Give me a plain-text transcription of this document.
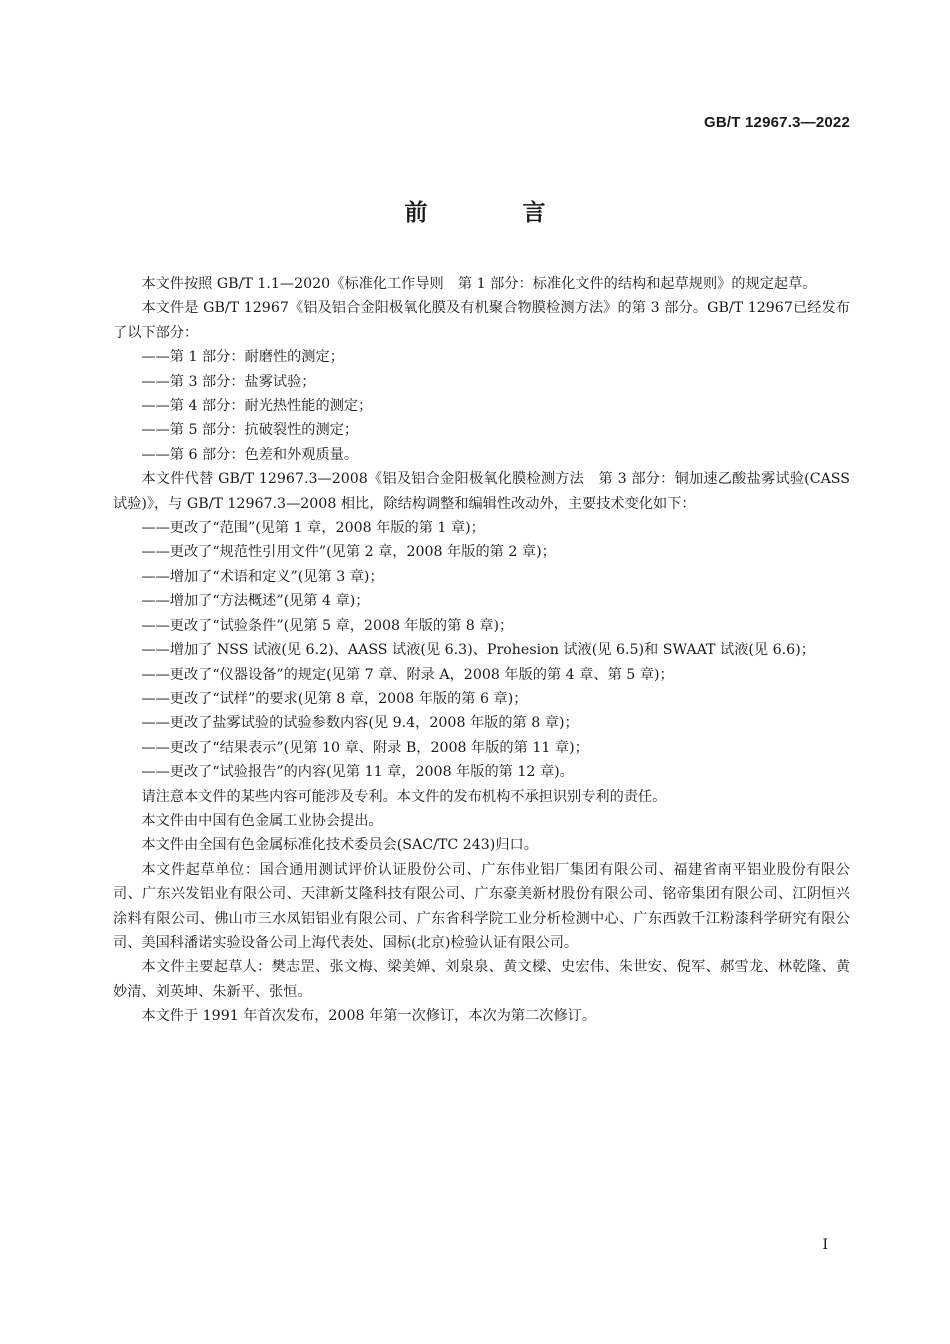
GB/T 12967.3—2022
前　言
本文件按照 GB/T 1.1—2020《标准化工作导则　第 1 部分：标准化文件的结构和起草规则》的规定起草。
本文件是 GB/T 12967《铝及铝合金阳极氧化膜及有机聚合物膜检测方法》的第 3 部分。GB/T 12967已经发布了以下部分：
——第 1 部分：耐磨性的测定；
——第 3 部分：盐雾试验；
——第 4 部分：耐光热性能的测定；
——第 5 部分：抗破裂性的测定；
——第 6 部分：色差和外观质量。
本文件代替 GB/T 12967.3—2008《铝及铝合金阳极氧化膜检测方法　第 3 部分：铜加速乙酸盐雾试验(CASS 试验)》，与 GB/T 12967.3—2008 相比，除结构调整和编辑性改动外，主要技术变化如下：
——更改了“范围”(见第 1 章，2008 年版的第 1 章)；
——更改了“规范性引用文件”(见第 2 章，2008 年版的第 2 章)；
——增加了“术语和定义”(见第 3 章)；
——增加了“方法概述”(见第 4 章)；
——更改了“试验条件”(见第 5 章，2008 年版的第 8 章)；
——增加了 NSS 试液(见 6.2)、AASS 试液(见 6.3)、Prohesion 试液(见 6.5)和 SWAAT 试液(见 6.6)；
——更改了“仪器设备”的规定(见第 7 章、附录 A，2008 年版的第 4 章、第 5 章)；
——更改了“试样”的要求(见第 8 章，2008 年版的第 6 章)；
——更改了盐雾试验的试验参数内容(见 9.4，2008 年版的第 8 章)；
——更改了“结果表示”(见第 10 章、附录 B，2008 年版的第 11 章)；
——更改了“试验报告”的内容(见第 11 章，2008 年版的第 12 章)。
请注意本文件的某些内容可能涉及专利。本文件的发布机构不承担识别专利的责任。
本文件由中国有色金属工业协会提出。
本文件由全国有色金属标准化技术委员会(SAC/TC 243)归口。
本文件起草单位：国合通用测试评价认证股份公司、广东伟业铝厂集团有限公司、福建省南平铝业股份有限公司、广东兴发铝业有限公司、天津新艾隆科技有限公司、广东豪美新材股份有限公司、铭帝集团有限公司、江阴恒兴涂料有限公司、佛山市三水凤铝铝业有限公司、广东省科学院工业分析检测中心、广东西敦千江粉漆科学研究有限公司、美国科潘诺实验设备公司上海代表处、国标(北京)检验认证有限公司。
本文件主要起草人：樊志罡、张文梅、梁美婵、刘泉泉、黄文樑、史宏伟、朱世安、倪军、郝雪龙、林乾隆、黄妙清、刘英坤、朱新平、张恒。
本文件于 1991 年首次发布，2008 年第一次修订，本次为第二次修订。
I
